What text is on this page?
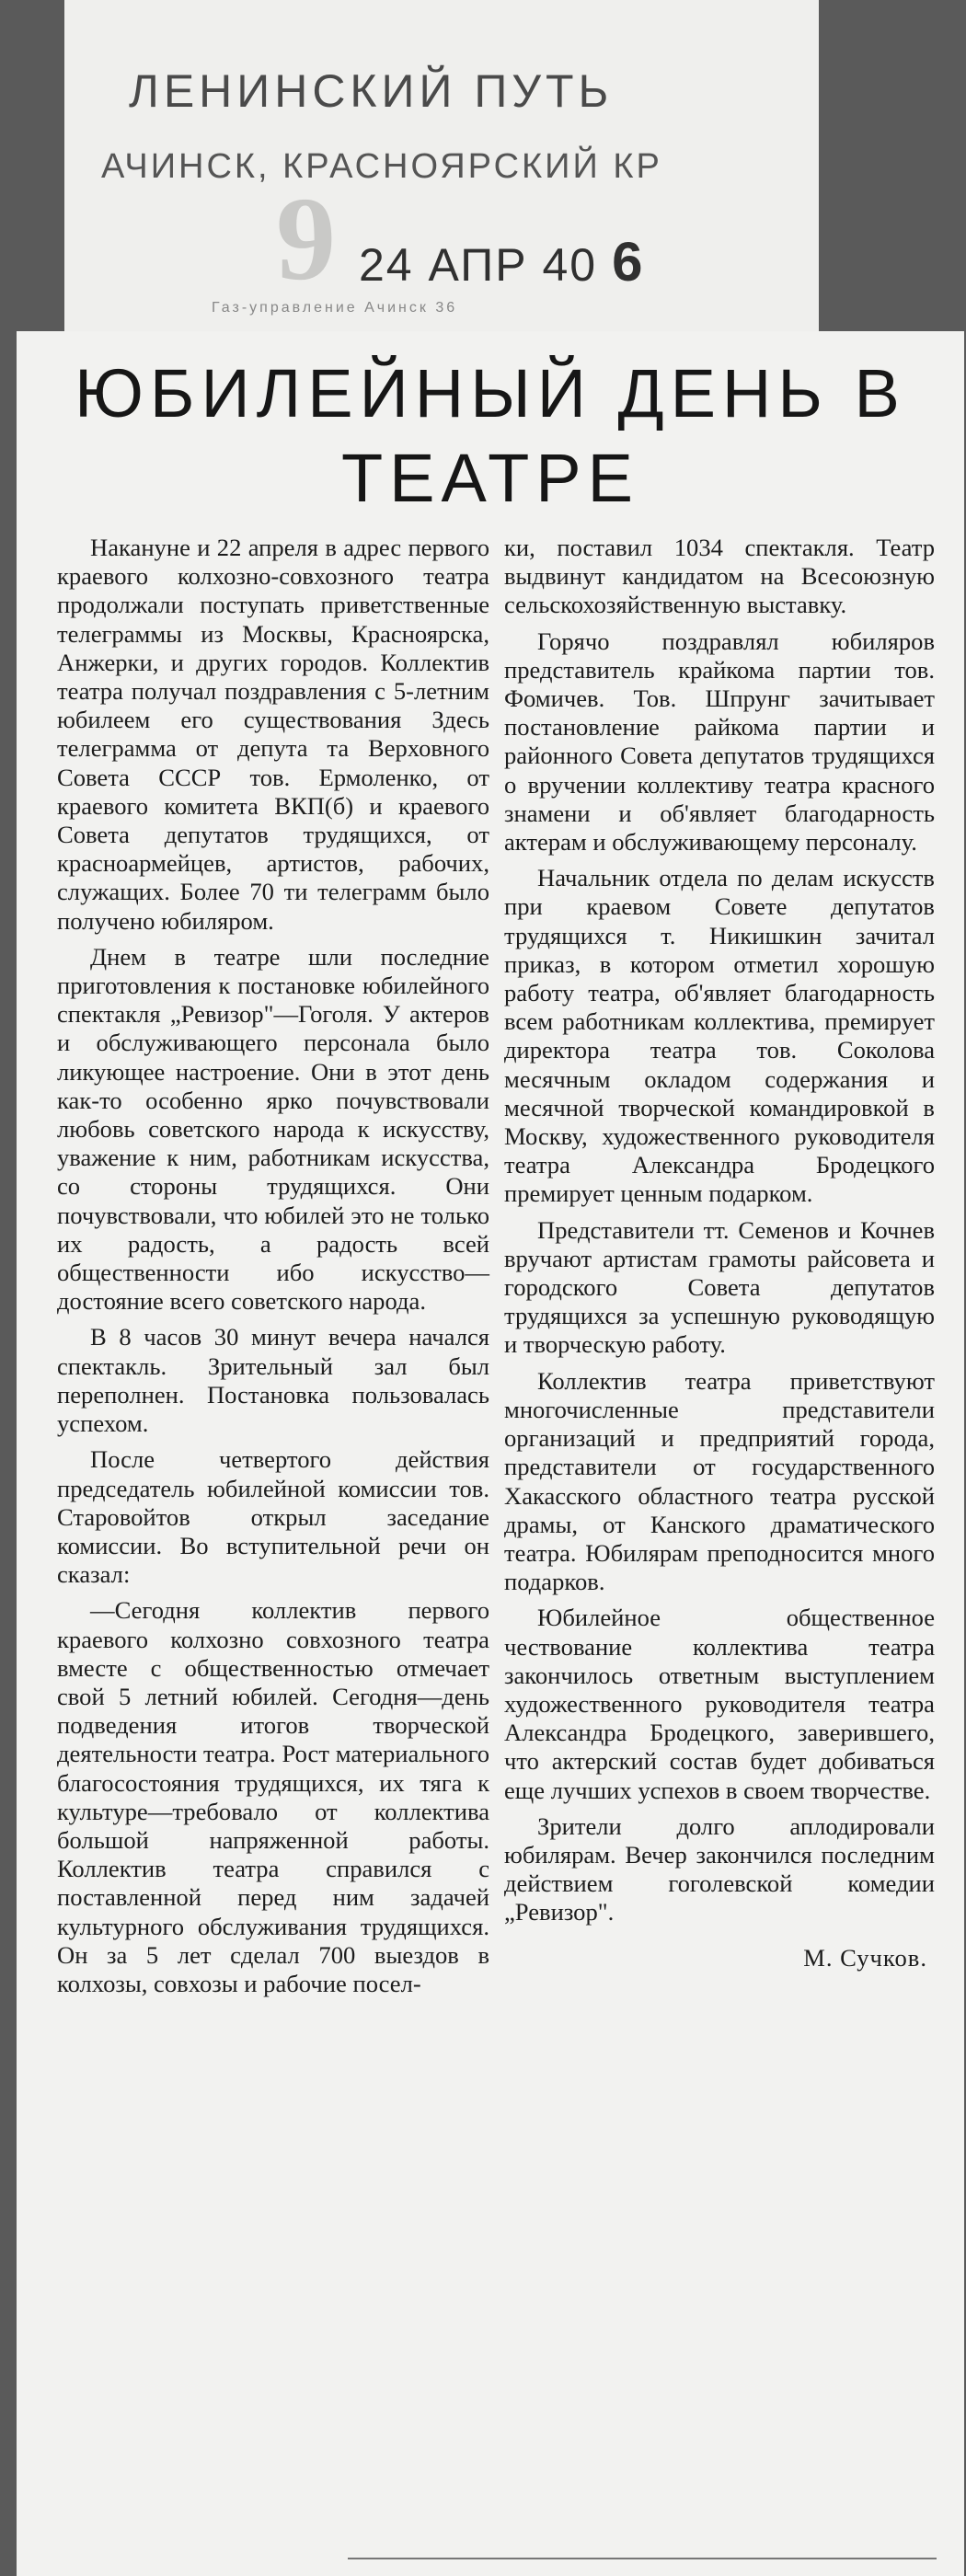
9
ЛЕНИНСКИЙ ПУТЬ
АЧИНСК, КРАСНОЯРСКИЙ КР
24 АПР 40 6
Газ-управление Ачинск 36
ЮБИЛЕЙНЫЙ ДЕНЬ В ТЕАТРЕ

Накануне и 22 апреля в адрес первого краевого колхозно-совхозного театра продолжали поступать приветственные телеграммы из Москвы, Красноярска, Анжерки, и других городов. Коллектив театра получал поздравления с 5-летним юбилеем его существования Здесь телеграмма от депута та Верховного Совета СССР тов. Ермоленко, от краевого комитета ВКП(б) и краевого Совета депутатов трудящихся, от красноармейцев, артистов, рабочих, служащих. Более 70 ти телеграмм было получено юбиляром.

Днем в театре шли последние приготовления к постановке юбилейного спектакля „Ревизор"—Гоголя. У актеров и обслуживающего персонала было ликующее настроение. Они в этот день как-то особенно ярко почувствовали любовь советского народа к искусству, уважение к ним, работникам искусства, со стороны трудящихся. Они почувствовали, что юбилей это не только их радость, а радость всей общественности ибо искусство—достояние всего советского народа.

В 8 часов 30 минут вечера начался спектакль. Зрительный зал был переполнен. Постановка пользовалась успехом.

После четвертого действия председатель юбилейной комиссии тов. Старовойтов открыл заседание комиссии. Во вступительной речи он сказал:

—Сегодня коллектив первого краевого колхозно совхозного театра вместе с общественностью отмечает свой 5 летний юбилей. Сегодня—день подведения итогов творческой деятельности театра. Рост материального благосостояния трудящихся, их тяга к культуре—требовало от коллектива большой напряженной работы. Коллектив театра справился с поставленной перед ним задачей культурного обслуживания трудящихся. Он за 5 лет сделал 700 выездов в колхозы, совхозы и рабочие посел-

ки, поставил 1034 спектакля. Театр выдвинут кандидатом на Всесоюзную сельскохозяйственную выставку.

Горячо поздравлял юбиляров представитель крайкома партии тов. Фомичев. Тов. Шпрунг зачитывает постановление райкома партии и районного Совета депутатов трудящихся о вручении коллективу театра красного знамени и об'являет благодарность актерам и обслуживающему персоналу.

Начальник отдела по делам искусств при краевом Совете депутатов трудящихся т. Никишкин зачитал приказ, в котором отметил хорошую работу театра, об'являет благодарность всем работникам коллектива, премирует директора театра тов. Соколова месячным окладом содержания и месячной творческой командировкой в Москву, художественного руководителя театра Александра Бродецкого премирует ценным подарком.

Представители тт. Семенов и Кочнев вручают артистам грамоты райсовета и городского Совета депутатов трудящихся за успешную руководящую и творческую работу.

Коллектив театра приветствуют многочисленные представители организаций и предприятий города, представители от государственного Хакасского областного театра русской драмы, от Канского драматического театра. Юбилярам преподносится много подарков.

Юбилейное общественное чествование коллектива театра закончилось ответным выступлением художественного руководителя театра Александра Бродецкого, заверившего, что актерский состав будет добиваться еще лучших успехов в своем творчестве.

Зрители долго аплодировали юбилярам. Вечер закончился последним действием гоголевской комедии „Ревизор".

М. Сучков.
